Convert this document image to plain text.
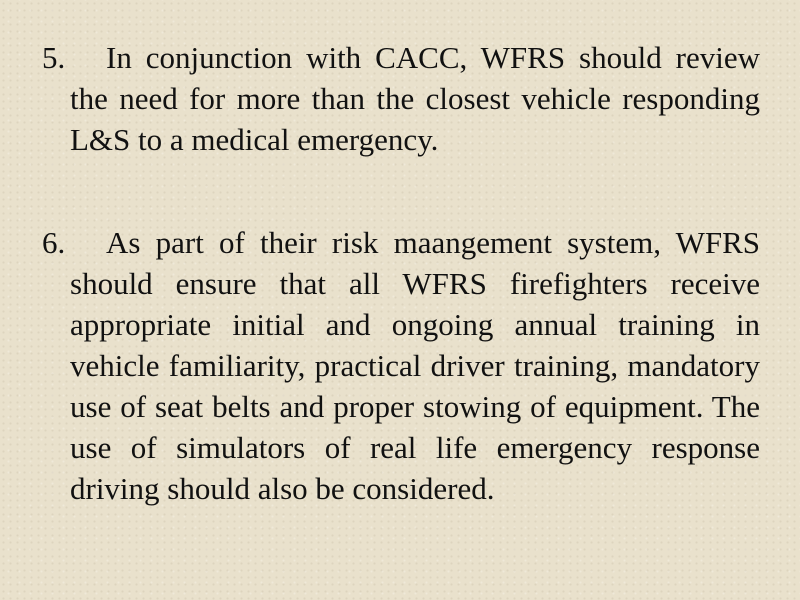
5. In conjunction with CACC, WFRS should review the need for more than the closest vehicle responding L&S to a medical emergency.
6. As part of their risk maangement system, WFRS should ensure that all WFRS firefighters receive appropriate initial and ongoing annual training in vehicle familiarity, practical driver training, mandatory use of seat belts and proper stowing of equipment. The use of simulators of real life emergency response driving should also be considered.
